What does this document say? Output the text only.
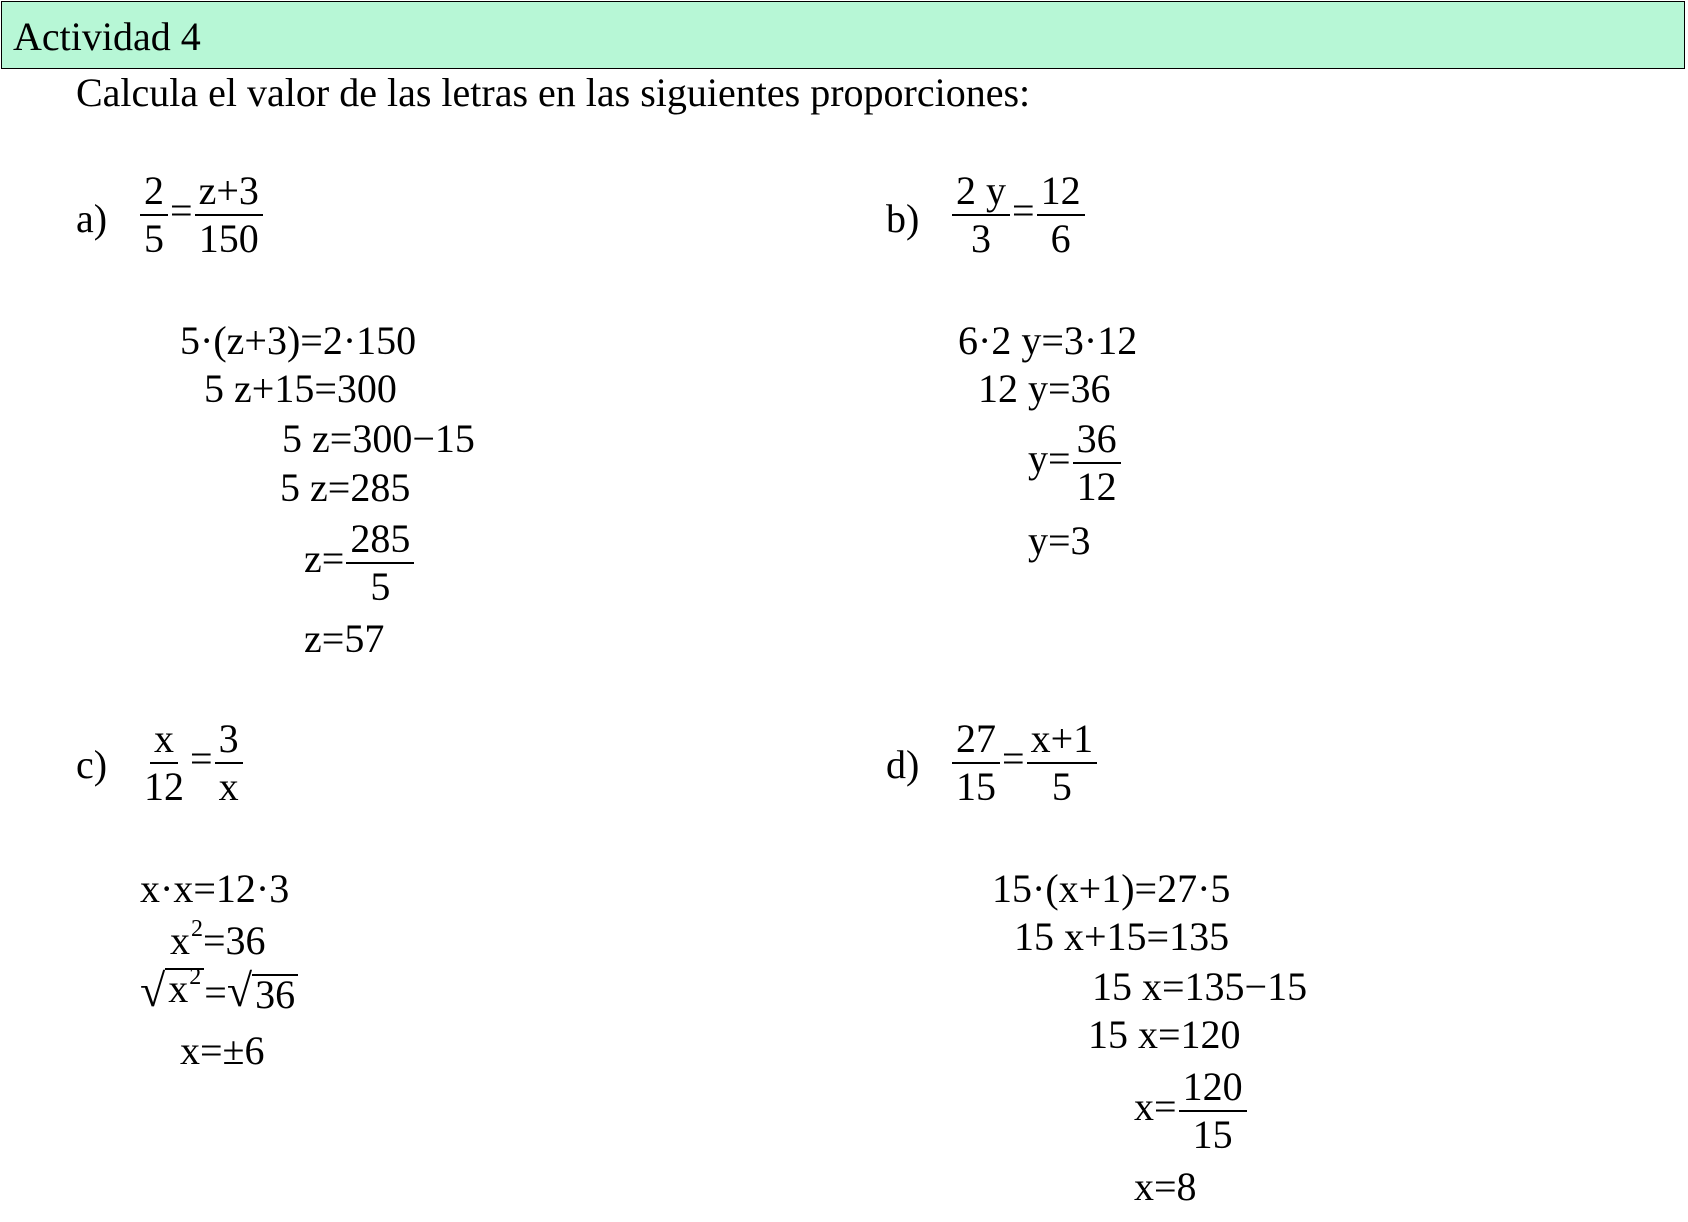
Actividad 4
Calcula el valor de las letras en las siguientes proporciones:
$a) \frac{2}{5} = \frac{z+3}{150}$
5·(z+3)=2·150
5 z+15=300
5 z=300−15
5 z=285
$z= \frac{285}{5}$
z=57
$b) \frac{2 y}{3} = \frac{12}{6}$
6·2 y=3·12
12 y=36
$y= \frac{36}{12}$
y=3
$c) \frac{x}{12} = \frac{3}{x}$
x·x=12·3
$x^2=36$
√ $x^2$ = √ 36
x=±6
$d) \frac{27}{15} = \frac{x+1}{5}$
15·(x+1)=27·5
15 x+15=135
15 x=135−15
15 x=120
$x= \frac{120}{15}$
x=8
